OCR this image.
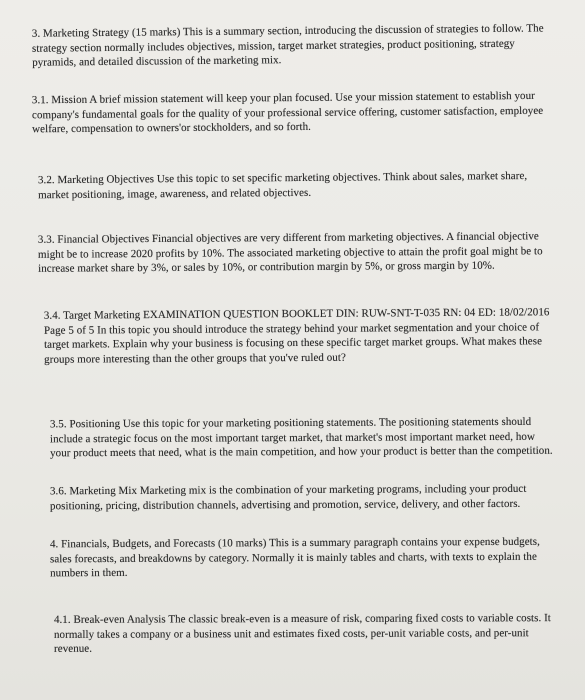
3. Marketing Strategy (15 marks) This is a summary section, introducing the discussion of strategies to follow. The strategy section normally includes objectives, mission, target market strategies, product positioning, strategy pyramids, and detailed discussion of the marketing mix.

3.1. Mission A brief mission statement will keep your plan focused. Use your mission statement to establish your company's fundamental goals for the quality of your professional service offering, customer satisfaction, employee welfare, compensation to owners'or stockholders, and so forth.

3.2. Marketing Objectives Use this topic to set specific marketing objectives. Think about sales, market share, market positioning, image, awareness, and related objectives.

3.3. Financial Objectives Financial objectives are very different from marketing objectives. A financial objective might be to increase 2020 profits by 10%. The associated marketing objective to attain the profit goal might be to increase market share by 3%, or sales by 10%, or contribution margin by 5%, or gross margin by 10%.

3.4. Target Marketing EXAMINATION QUESTION BOOKLET DIN: RUW-SNT-T-035 RN: 04 ED: 18/02/2016 Page 5 of 5 In this topic you should introduce the strategy behind your market segmentation and your choice of target markets. Explain why your business is focusing on these specific target market groups. What makes these groups more interesting than the other groups that you've ruled out?

3.5. Positioning Use this topic for your marketing positioning statements. The positioning statements should include a strategic focus on the most important target market, that market's most important market need, how your product meets that need, what is the main competition, and how your product is better than the competition.

3.6. Marketing Mix Marketing mix is the combination of your marketing programs, including your product positioning, pricing, distribution channels, advertising and promotion, service, delivery, and other factors.

4. Financials, Budgets, and Forecasts (10 marks) This is a summary paragraph contains your expense budgets, sales forecasts, and breakdowns by category. Normally it is mainly tables and charts, with texts to explain the numbers in them.

4.1. Break-even Analysis The classic break-even is a measure of risk, comparing fixed costs to variable costs. It normally takes a company or a business unit and estimates fixed costs, per-unit variable costs, and per-unit revenue.
